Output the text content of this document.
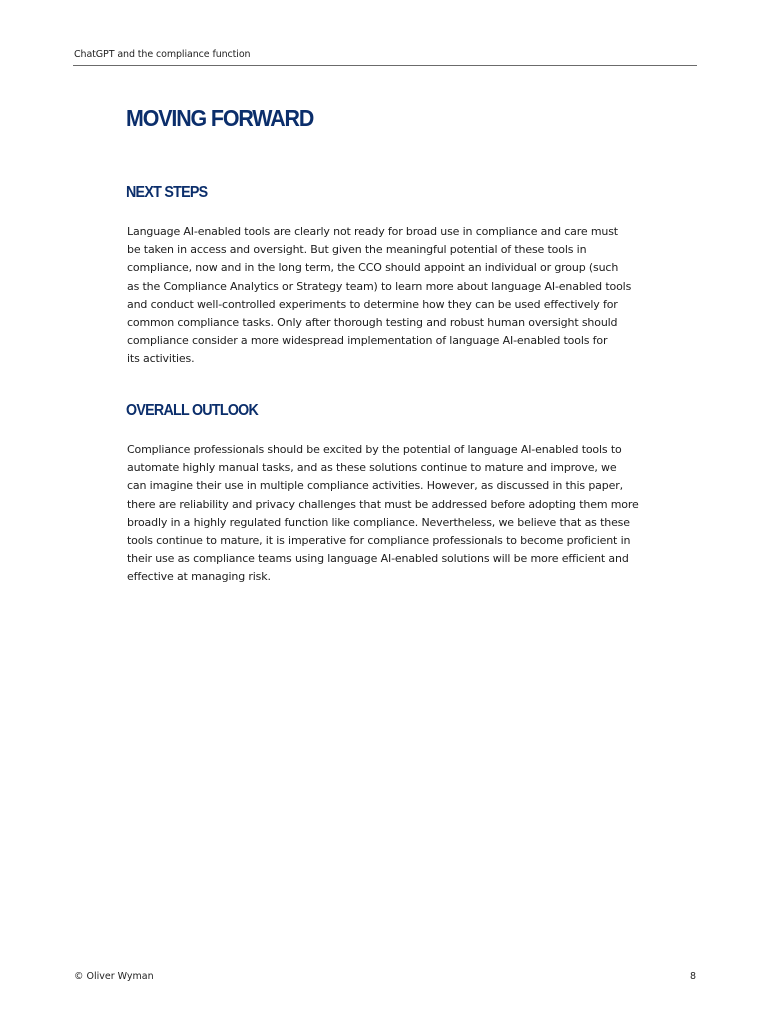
ChatGPT and the compliance function
MOVING FORWARD
NEXT STEPS

Language AI-enabled tools are clearly not ready for broad use in compliance and care must
be taken in access and oversight. But given the meaningful potential of these tools in
compliance, now and in the long term, the CCO should appoint an individual or group (such
as the Compliance Analytics or Strategy team) to learn more about language AI-enabled tools
and conduct well-controlled experiments to determine how they can be used effectively for
common compliance tasks. Only after thorough testing and robust human oversight should
compliance consider a more widespread implementation of language AI-enabled tools for
its activities.

OVERALL OUTLOOK

Compliance professionals should be excited by the potential of language AI-enabled tools to
automate highly manual tasks, and as these solutions continue to mature and improve, we
can imagine their use in multiple compliance activities. However, as discussed in this paper,
there are reliability and privacy challenges that must be addressed before adopting them more
broadly in a highly regulated function like compliance. Nevertheless, we believe that as these
tools continue to mature, it is imperative for compliance professionals to become proficient in
their use as compliance teams using language AI-enabled solutions will be more efficient and
effective at managing risk.

© Oliver Wyman	8
